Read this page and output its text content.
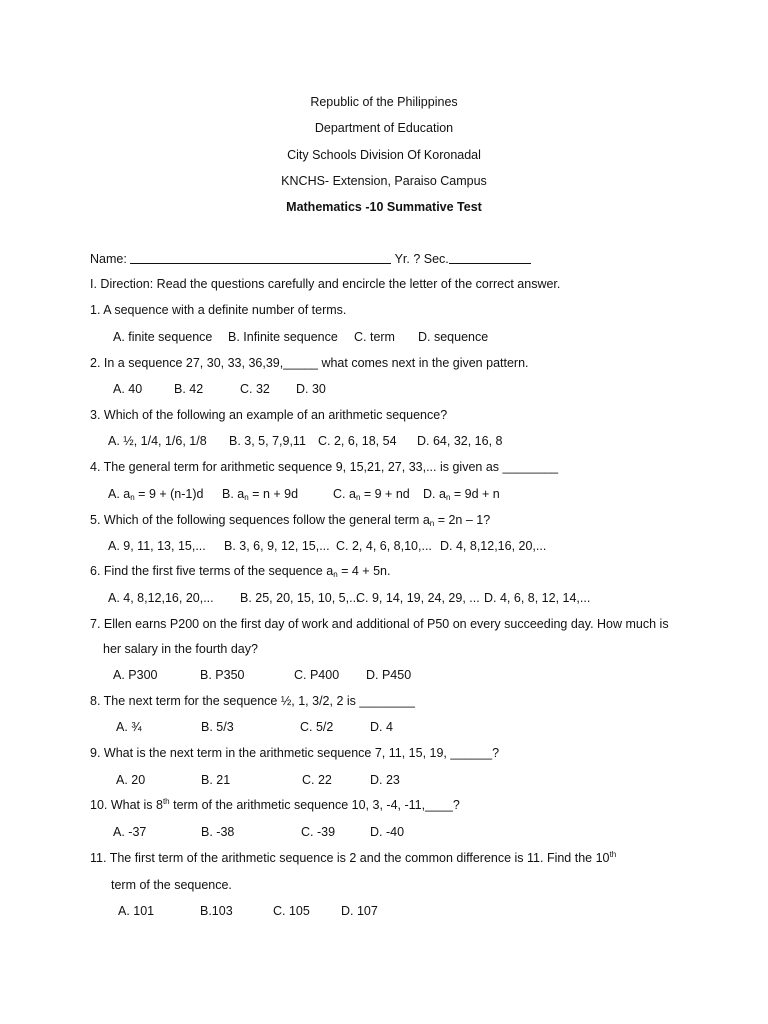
Republic of the Philippines
Department of Education
City Schools Division Of Koronadal
KNCHS- Extension, Paraiso Campus
Mathematics -10 Summative Test
Name:	Yr. ? Sec.
I. Direction: Read the questions carefully and encircle the letter of the correct answer.
1. A sequence with a definite number of terms.
A. finite sequence B. Infinite sequence C. term D. sequence
2. In a sequence 27, 30, 33, 36,39,_____ what comes next in the given pattern.
A. 40	B. 42	C. 32 D. 30
3. Which of the following an example of an arithmetic sequence?
A. ½, 1/4, 1/6, 1/8 B. 3, 5, 7,9,11 C. 2, 6, 18, 54 D. 64, 32, 16, 8
4. The general term for arithmetic sequence 9, 15,21, 27, 33,... is given as ________
A. $a_n = 9 + (n-1)d$ B. $a_n = n + 9d$	C. $a_n = 9$ + nd D. $a_n = 9d + n$
5. Which of the following sequences follow the general term $a_n = 2n - 1$?
A. 9, 11, 13, 15,... B. 3, 6, 9, 12, 15,... C. 2, 4, 6, 8,10,... D. 4, 8,12,16, 20,...
6. Find the first five terms of the sequence $a_n = 4 + 5n$.
A. 4, 8,12,16, 20,... B. 25, 20, 15, 10, 5,...
C. 9, 14, 19, 24, 29, ... D. 4, 6, 8, 12, 14,...
7. Ellen earns P200 on the first day of work and additional of P50 on every succeeding day. How much is
her salary in the fourth day?
A. P300	B. P350	C. P400 D. P450
8. The next term for the sequence ½, 1, 3/2, 2 is ________
A. ¾	B. 5/3	C. 5/2	D. 4
9. What is the next term in the arithmetic sequence 7, 11, 15, 19, ______?
A. 20	B. 21	C. 22	D. 23
10. What is 8th term of the arithmetic sequence 10, 3, -4, -11,____?
A. -37	B. -38	C. -39	D. -40
11. The first term of the arithmetic sequence is 2 and the common difference is 11. Find the 10th
term of the sequence.
A. 101	B.103	C. 105 D. 107
